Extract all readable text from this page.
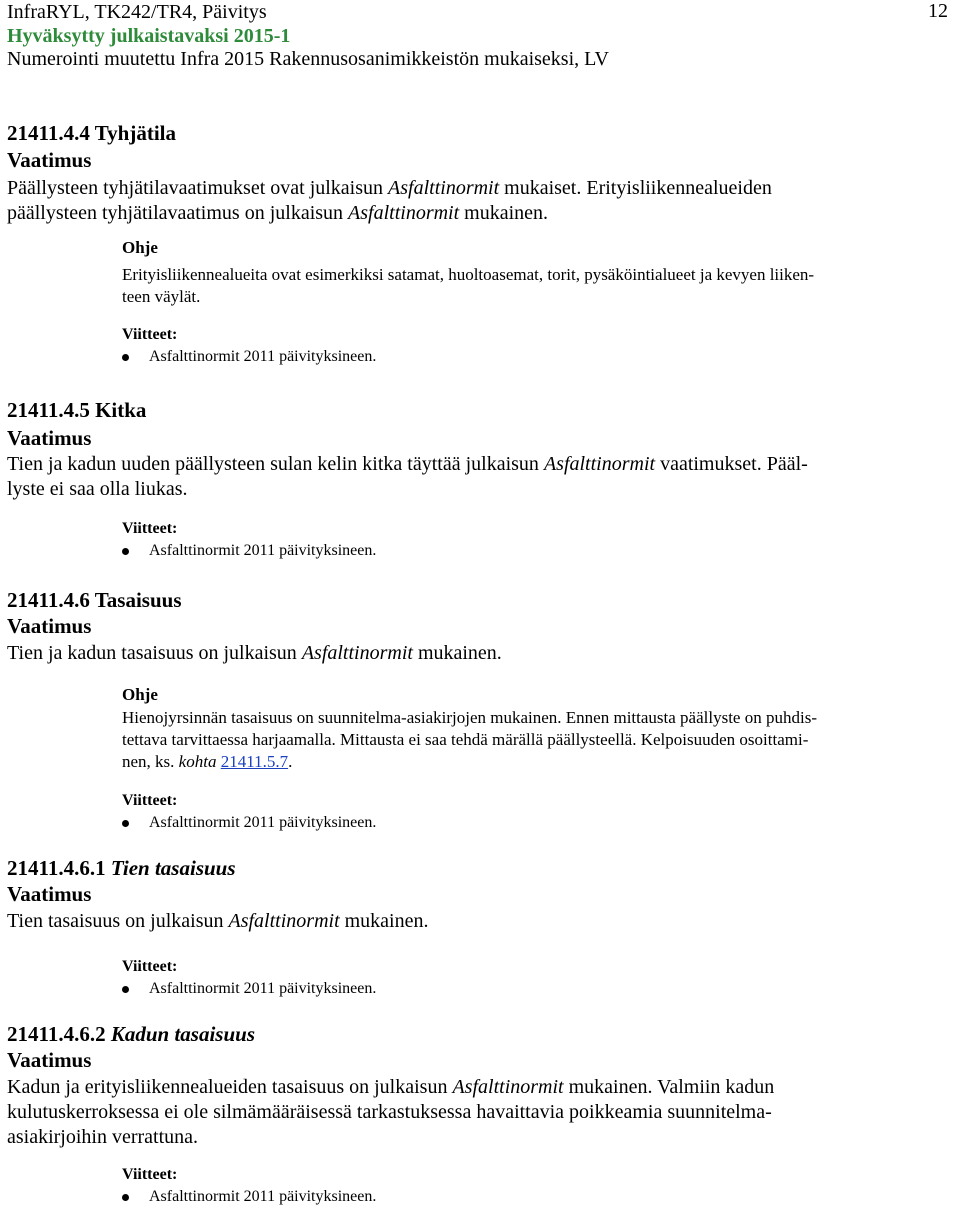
InfraRYL, TK242/TR4, Päivitys	12
Hyväksytty julkaistavaksi 2015-1
Numerointi muutettu Infra 2015 Rakennusosanimikkeistön mukaiseksi, LV
21411.4.4 Tyhjätila
Vaatimus
Päällysteen tyhjätilavaatimukset ovat julkaisun Asfalttinormit mukaiset. Erityisliikennealueiden
päällysteen tyhjätilavaatimus on julkaisun Asfalttinormit mukainen.
Ohje
Erityisliikennealueita ovat esimerkiksi satamat, huoltoasemat, torit, pysäköintialueet ja kevyen liiken-
teen väylät.
Viitteet:
Asfalttinormit 2011 päivityksineen.
21411.4.5 Kitka
Vaatimus
Tien ja kadun uuden päällysteen sulan kelin kitka täyttää julkaisun Asfalttinormit vaatimukset. Pääl-
lyste ei saa olla liukas.
Viitteet:
Asfalttinormit 2011 päivityksineen.
21411.4.6 Tasaisuus
Vaatimus
Tien ja kadun tasaisuus on julkaisun Asfalttinormit mukainen.
Ohje
Hienojyrsinnän tasaisuus on suunnitelma-asiakirjojen mukainen. Ennen mittausta päällyste on puhdis-
tettava tarvittaessa harjaamalla. Mittausta ei saa tehdä märällä päällysteellä. Kelpoisuuden osoittami-
nen, ks. kohta 21411.5.7.
Viitteet:
Asfalttinormit 2011 päivityksineen.
21411.4.6.1 Tien tasaisuus
Vaatimus
Tien tasaisuus on julkaisun Asfalttinormit mukainen.
Viitteet:
Asfalttinormit 2011 päivityksineen.
21411.4.6.2 Kadun tasaisuus
Vaatimus
Kadun ja erityisliikennealueiden tasaisuus on julkaisun Asfalttinormit mukainen. Valmiin kadun
kulutuskerroksessa ei ole silmämääräisessä tarkastuksessa havaittavia poikkeamia suunnitelma-
asiakirjoihin verrattuna.
Viitteet:
Asfalttinormit 2011 päivityksineen.
